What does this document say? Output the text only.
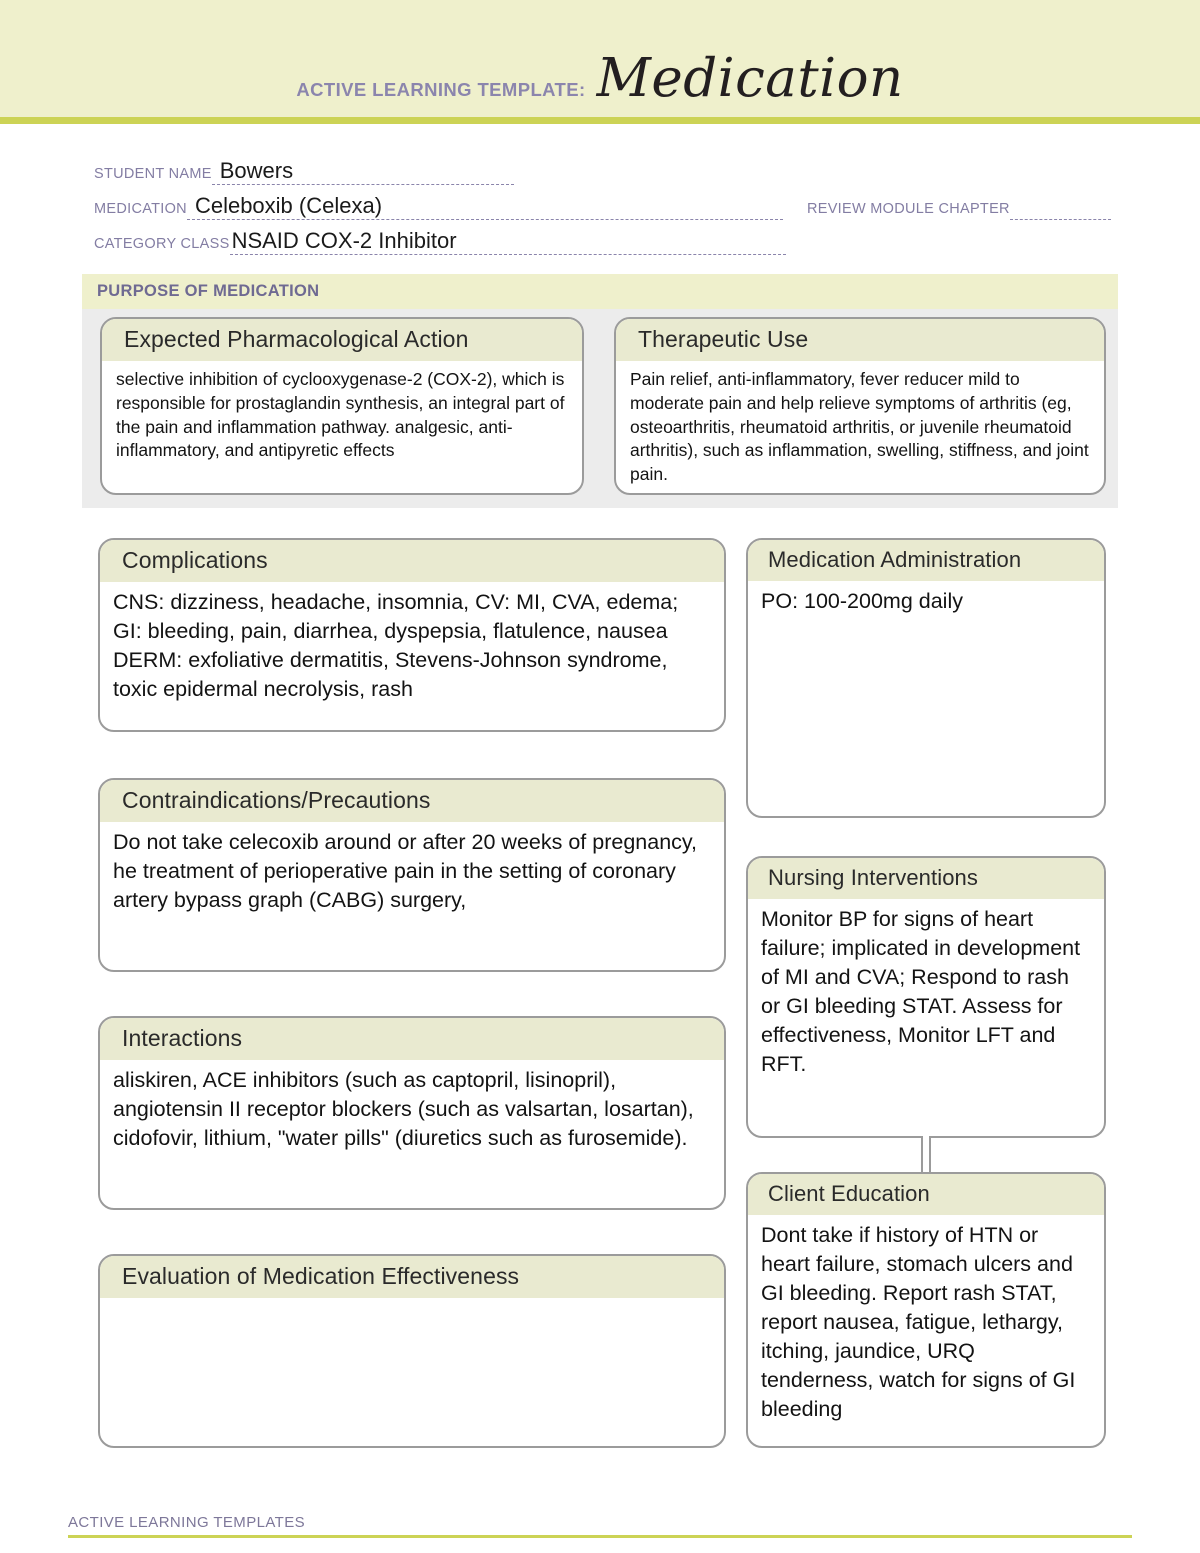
ACTIVE LEARNING TEMPLATE: Medication
STUDENT NAME Bowers
MEDICATION Celeboxib (Celexa)	REVIEW MODULE CHAPTER
CATEGORY CLASS NSAID COX-2 Inhibitor
PURPOSE OF MEDICATION
Expected Pharmacological Action
selective inhibition of cyclooxygenase-2 (COX-2), which is responsible for prostaglandin synthesis, an integral part of the pain and inflammation pathway. analgesic, anti-inflammatory, and antipyretic effects
Therapeutic Use
Pain relief, anti-inflammatory, fever reducer mild to moderate pain and help relieve symptoms of arthritis (eg, osteoarthritis, rheumatoid arthritis, or juvenile rheumatoid arthritis), such as inflammation, swelling, stiffness, and joint pain.
Complications
CNS: dizziness, headache, insomnia, CV: MI, CVA, edema; GI: bleeding, pain, diarrhea, dyspepsia, flatulence, nausea DERM: exfoliative dermatitis, Stevens-Johnson syndrome, toxic epidermal necrolysis, rash
Contraindications/Precautions
Do not take celecoxib around or after 20 weeks of pregnancy, he treatment of perioperative pain in the setting of coronary artery bypass graph (CABG) surgery,
Interactions
aliskiren, ACE inhibitors (such as captopril, lisinopril), angiotensin II receptor blockers (such as valsartan, losartan), cidofovir, lithium, "water pills" (diuretics such as furosemide).
Evaluation of Medication Effectiveness
Medication Administration
PO: 100-200mg daily
Nursing Interventions
Monitor BP for signs of heart failure; implicated in development of MI and CVA; Respond to rash or GI bleeding STAT. Assess for effectiveness, Monitor LFT and RFT.
Client Education
Dont take if history of HTN or heart failure, stomach ulcers and GI bleeding. Report rash STAT, report nausea, fatigue, lethargy, itching, jaundice, URQ tenderness, watch for signs of GI bleeding
ACTIVE LEARNING TEMPLATES
